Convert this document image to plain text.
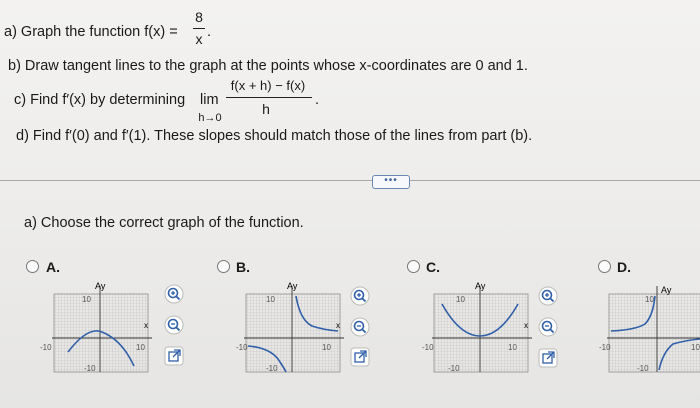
a) Graph the function f(x) =
8
x .
b) Draw tangent lines to the graph at the points whose x-coordinates are 0 and 1.
c) Find f′(x) by determining lim
h→0
f(x + h) − f(x)
h
.
d) Find f′(0) and f′(1). These slopes should match those of the lines from part (b).
•••
a) Choose the correct graph of the function.
A.
Ay
10
-10
x
10
-10
B.
Ay
10
-10
x
10
-10
C.
Ay
10
-10
x
10
-10
D.
Ay
10
-10	10
-10
